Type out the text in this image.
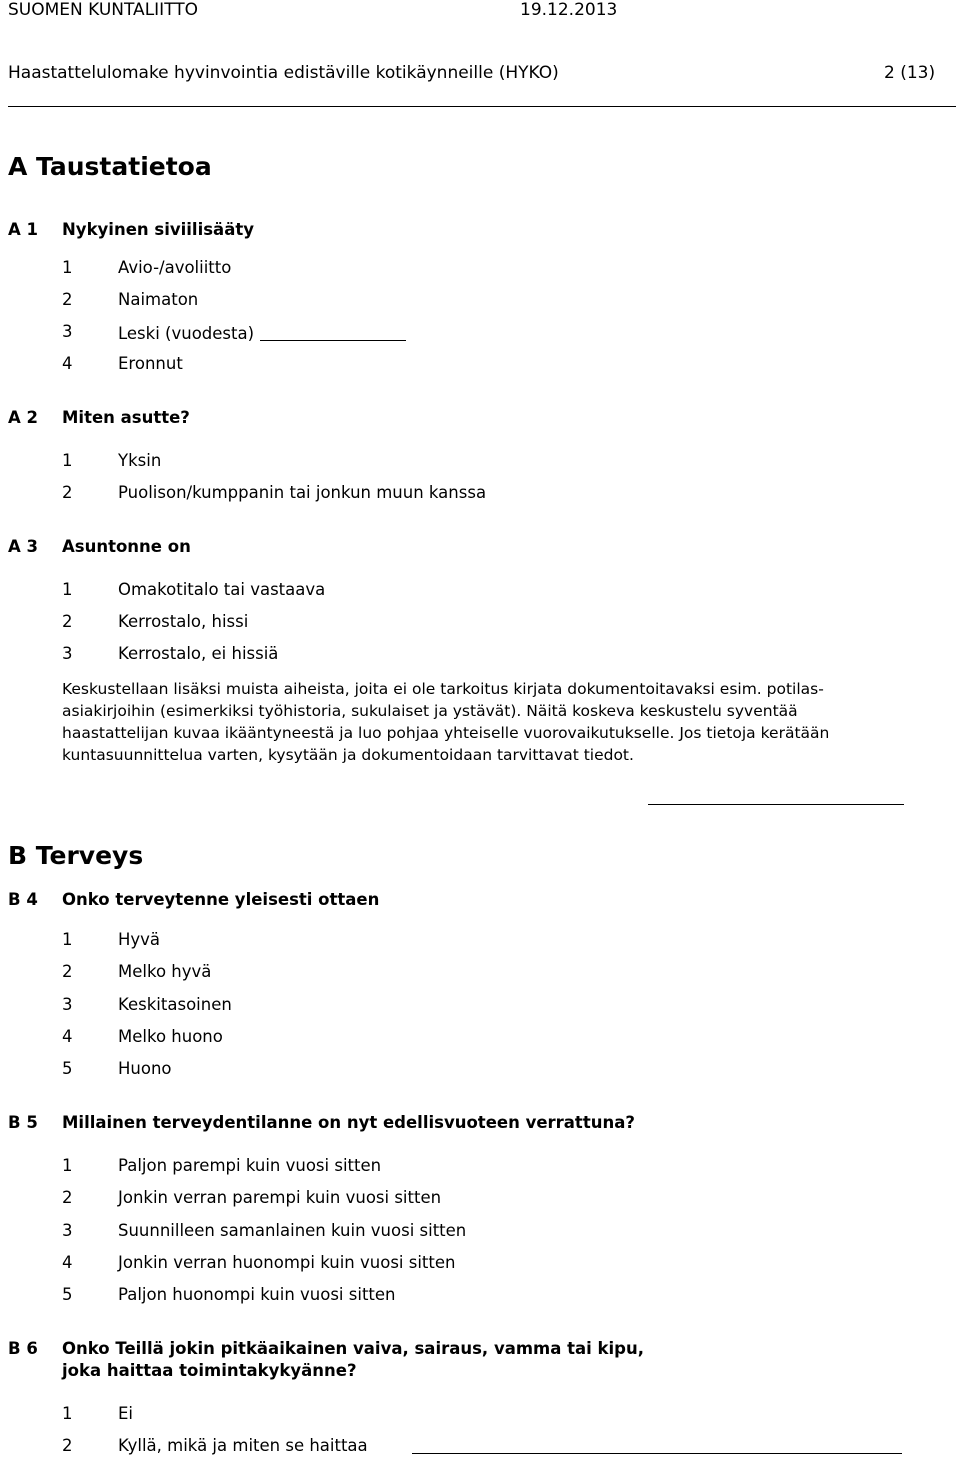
SUOMEN KUNTALIITTO	19.12.2013
Haastattelulomake hyvinvointia edistäville kotikäynneille (HYKO)	2 (13)
A Taustatietoa
A 1 Nykyinen siviilisääty
1	Avio-/avoliitto
2	Naimaton
3	Leski (vuodesta)
4	Eronnut
A 2 Miten asutte?
1	Yksin
2	Puolison/kumppanin tai jonkun muun kanssa
A 3 Asuntonne on
1	Omakotitalo tai vastaava
2	Kerrostalo, hissi
3	Kerrostalo, ei hissiä
Keskustellaan lisäksi muista aiheista, joita ei ole tarkoitus kirjata dokumentoitavaksi esim. potilas-
asiakirjoihin (esimerkiksi työhistoria, sukulaiset ja ystävät). Näitä koskeva keskustelu syventää
haastattelijan kuvaa ikääntyneestä ja luo pohjaa yhteiselle vuorovaikutukselle. Jos tietoja kerätään
kuntasuunnittelua varten, kysytään ja dokumentoidaan tarvittavat tiedot.
B Terveys
B 4 Onko terveytenne yleisesti ottaen
1	Hyvä
2	Melko hyvä
3	Keskitasoinen
4	Melko huono
5	Huono
B 5 Millainen terveydentilanne on nyt edellisvuoteen verrattuna?
1	Paljon parempi kuin vuosi sitten
2	Jonkin verran parempi kuin vuosi sitten
3	Suunnilleen samanlainen kuin vuosi sitten
4	Jonkin verran huonompi kuin vuosi sitten
5	Paljon huonompi kuin vuosi sitten
B 6 Onko Teillä jokin pitkäaikainen vaiva, sairaus, vamma tai kipu,
joka haittaa toimintakykyänne?
1	Ei
2	Kyllä, mikä ja miten se haittaa
